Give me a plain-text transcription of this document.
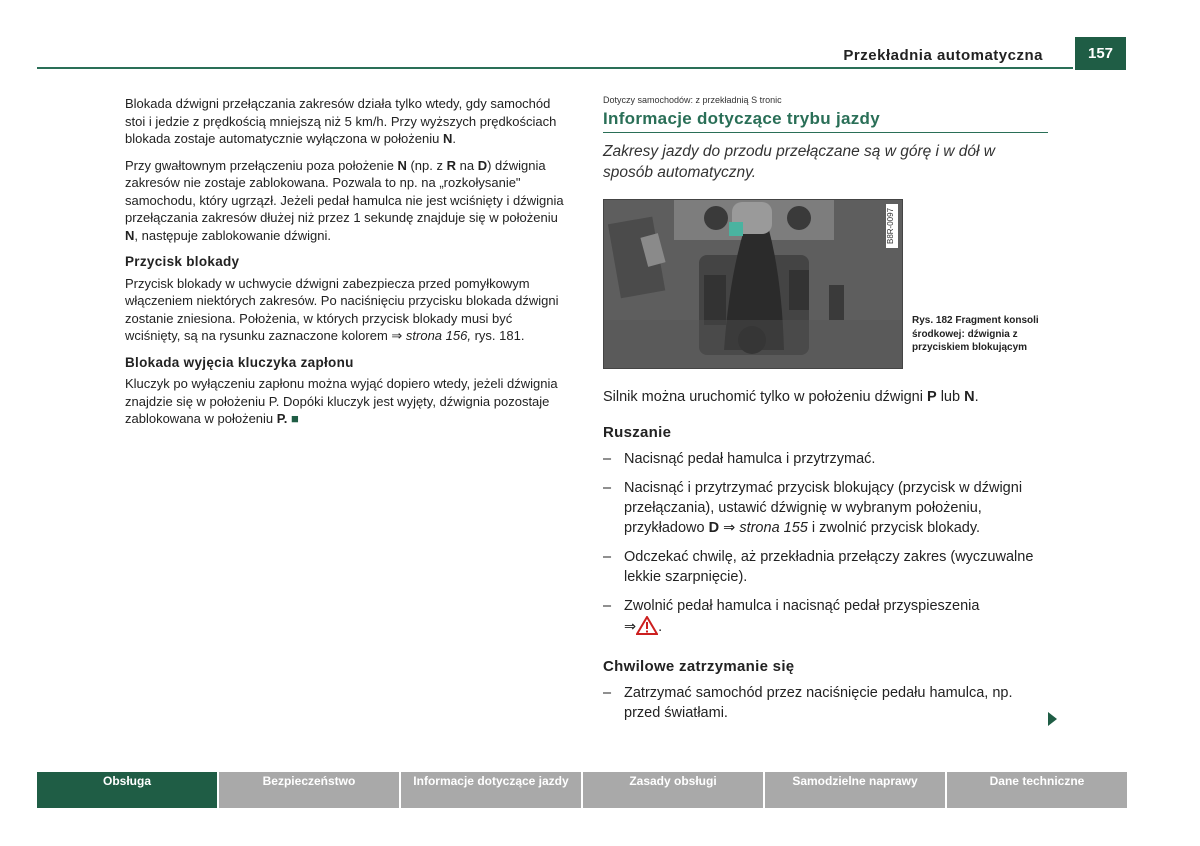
Przekładnia automatyczna	157

Blokada dźwigni przełączania zakresów działa tylko wtedy, gdy samochód stoi i jedzie z prędkością mniejszą niż 5 km/h. Przy wyższych prędkościach blokada zostaje automatycznie wyłączona w położeniu N.

Przy gwałtownym przełączeniu poza położenie N (np. z R na D) dźwignia zakresów nie zostaje zablokowana. Pozwala to np. na „rozkołysanie" samochodu, który ugrzązł. Jeżeli pedał hamulca nie jest wciśnięty i dźwignia przełączania zakresów dłużej niż przez 1 sekundę znajduje się w położeniu N, następuje zablokowanie dźwigni.

Przycisk blokady

Przycisk blokady w uchwycie dźwigni zabezpiecza przed pomyłkowym włączeniem niektórych zakresów. Po naciśnięciu przycisku blokada dźwigni zostanie zniesiona. Położenia, w których przycisk blokady musi być wciśnięty, są na rysunku zaznaczone kolorem ⇒ strona 156, rys. 181.

Blokada wyjęcia kluczyka zapłonu

Kluczyk po wyłączeniu zapłonu można wyjąć dopiero wtedy, jeżeli dźwignia znajdzie się w położeniu P. Dopóki kluczyk jest wyjęty, dźwignia pozostaje zablokowana w położeniu P. ■

Dotyczy samochodów: z przekładnią S tronic
Informacje dotyczące trybu jazdy

Zakresy jazdy do przodu przełączane są w górę i w dół w sposób automatyczny.

B8R-0097
Rys. 182 Fragment konsoli środkowej: dźwignia z przyciskiem blokującym

Silnik można uruchomić tylko w położeniu dźwigni P lub N.

Ruszanie
– Nacisnąć pedał hamulca i przytrzymać.
– Nacisnąć i przytrzymać przycisk blokujący (przycisk w dźwigni przełączania), ustawić dźwignię w wybranym położeniu, przykładowo D ⇒ strona 155 i zwolnić przycisk blokady.
– Odczekać chwilę, aż przekładnia przełączy zakres (wyczuwalne lekkie szarpnięcie).
– Zwolnić pedał hamulca i nacisnąć pedał przyspieszenia
⇒ .
Chwilowe zatrzymanie się
– Zatrzymać samochód przez naciśnięcie pedału hamulca, np. przed światłami.
Obsługa	Bezpieczeństwo	Informacje dotyczące jazdy	Zasady obsługi	Samodzielne naprawy	Dane techniczne
